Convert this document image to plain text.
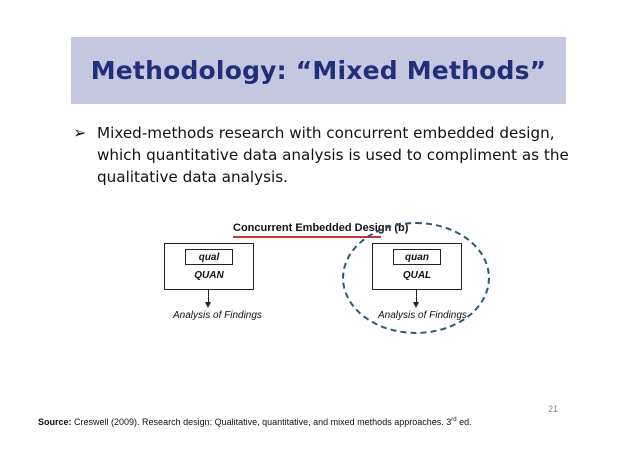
Methodology: “Mixed Methods”
➢ Mixed-methods research with concurrent embedded design,
which quantitative data analysis is used to compliment as the
qualitative data analysis.
Concurrent Embedded Design (b)
qual
QUAN
Analysis of Findings
quan
QUAL
Analysis of Findings
21
Source: Creswell (2009). Research design: Qualitative, quantitative, and mixed methods approaches. 3rd ed.
